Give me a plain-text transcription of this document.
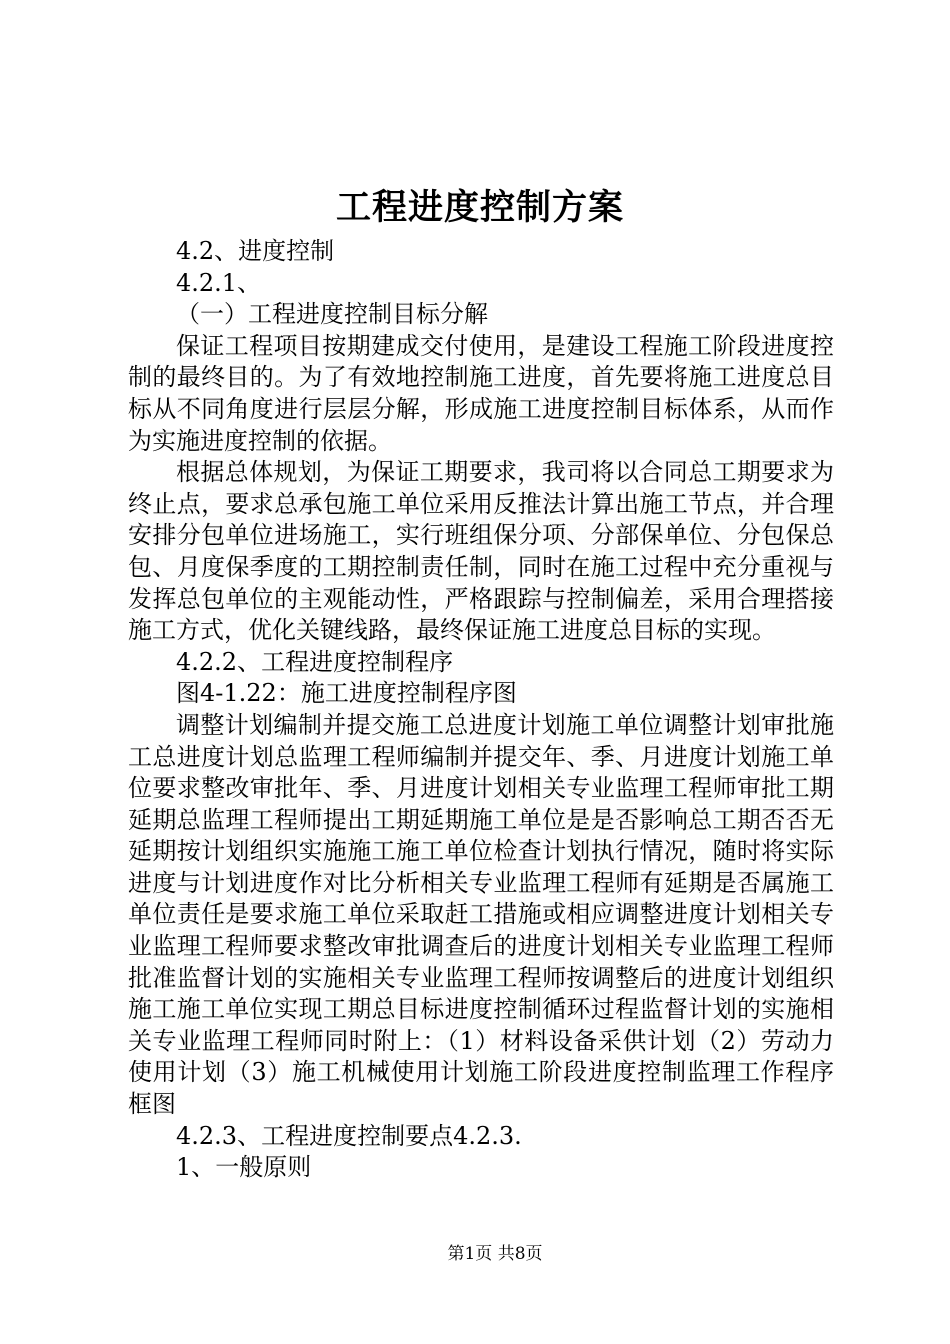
工程进度控制方案
4.2、进度控制
4.2.1、
（一）工程进度控制目标分解

保证工程项目按期建成交付使用，是建设工程施工阶段进度控制的最终目的。为了有效地控制施工进度，首先要将施工进度总目标从不同角度进行层层分解，形成施工进度控制目标体系，从而作为实施进度控制的依据。

根据总体规划，为保证工期要求，我司将以合同总工期要求为终止点，要求总承包施工单位采用反推法计算出施工节点，并合理安排分包单位进场施工，实行班组保分项、分部保单位、分包保总包、月度保季度的工期控制责任制，同时在施工过程中充分重视与发挥总包单位的主观能动性，严格跟踪与控制偏差，采用合理搭接施工方式，优化关键线路，最终保证施工进度总目标的实现。

4.2.2、工程进度控制程序
图4-1.22：施工进度控制程序图

调整计划编制并提交施工总进度计划施工单位调整计划审批施工总进度计划总监理工程师编制并提交年、季、月进度计划施工单位要求整改审批年、季、月进度计划相关专业监理工程师审批工期延期总监理工程师提出工期延期施工单位是是否影响总工期否否无延期按计划组织实施施工施工单位检查计划执行情况，随时将实际进度与计划进度作对比分析相关专业监理工程师有延期是否属施工单位责任是要求施工单位采取赶工措施或相应调整进度计划相关专业监理工程师要求整改审批调查后的进度计划相关专业监理工程师批准监督计划的实施相关专业监理工程师按调整后的进度计划组织施工施工单位实现工期总目标进度控制循环过程监督计划的实施相关专业监理工程师同时附上：（1）材料设备采供计划（2）劳动力使用计划（3）施工机械使用计划施工阶段进度控制监理工作程序框图

4.2.3、工程进度控制要点4.2.3.
1、一般原则
第1页 共8页
